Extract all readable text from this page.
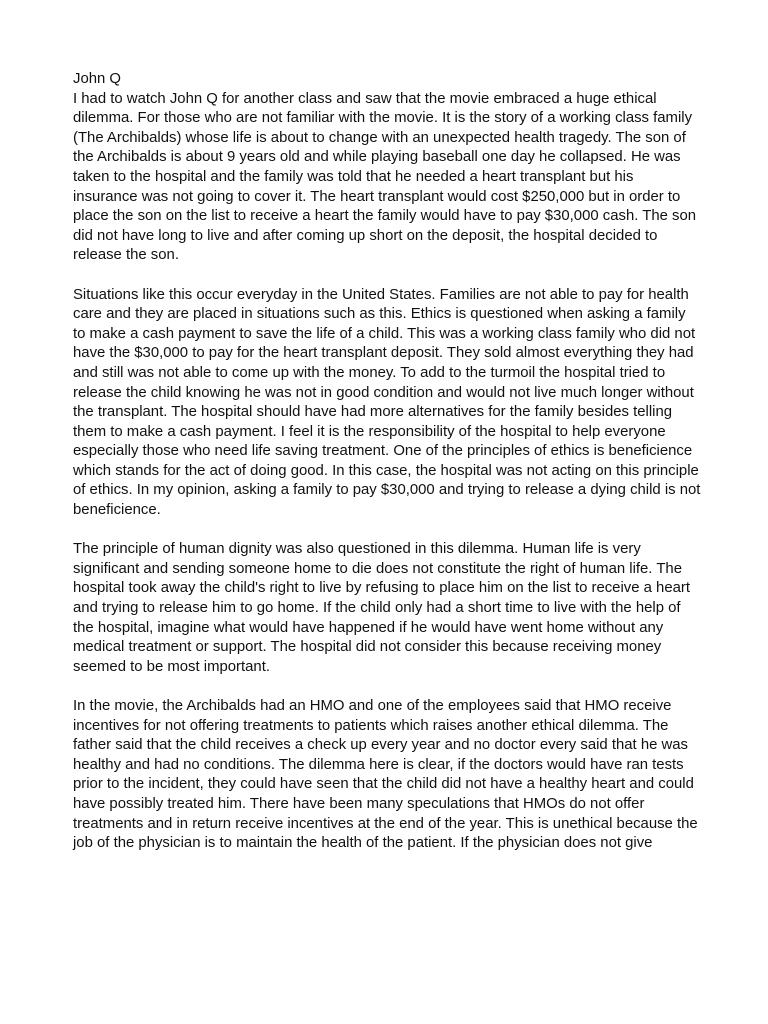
John Q

I had to watch John Q for another class and saw that the movie embraced a huge ethical dilemma. For those who are not familiar with the movie. It is the story of a working class family (The Archibalds) whose life is about to change with an unexpected health tragedy. The son of the Archibalds is about 9 years old and while playing baseball one day he collapsed. He was taken to the hospital and the family was told that he needed a heart transplant but his insurance was not going to cover it. The heart transplant would cost $250,000 but in order to place the son on the list to receive a heart the family would have to pay $30,000 cash. The son did not have long to live and after coming up short on the deposit, the hospital decided to release the son.

Situations like this occur everyday in the United States. Families are not able to pay for health care and they are placed in situations such as this. Ethics is questioned when asking a family to make a cash payment to save the life of a child. This was a working class family who did not have the $30,000 to pay for the heart transplant deposit. They sold almost everything they had and still was not able to come up with the money. To add to the turmoil the hospital tried to release the child knowing he was not in good condition and would not live much longer without the transplant. The hospital should have had more alternatives for the family besides telling them to make a cash payment. I feel it is the responsibility of the hospital to help everyone especially those who need life saving treatment. One of the principles of ethics is beneficience which stands for the act of doing good. In this case, the hospital was not acting on this principle of ethics. In my opinion, asking a family to pay $30,000 and trying to release a dying child is not beneficience.

The principle of human dignity was also questioned in this dilemma. Human life is very significant and sending someone home to die does not constitute the right of human life. The hospital took away the child's right to live by refusing to place him on the list to receive a heart and trying to release him to go home. If the child only had a short time to live with the help of the hospital, imagine what would have happened if he would have went home without any medical treatment or support. The hospital did not consider this because receiving money seemed to be most important.

In the movie, the Archibalds had an HMO and one of the employees said that HMO receive incentives for not offering treatments to patients which raises another ethical dilemma. The father said that the child receives a check up every year and no doctor every said that he was healthy and had no conditions. The dilemma here is clear, if the doctors would have ran tests prior to the incident, they could have seen that the child did not have a healthy heart and could have possibly treated him. There have been many speculations that HMOs do not offer treatments and in return receive incentives at the end of the year. This is unethical because the job of the physician is to maintain the health of the patient. If the physician does not give
